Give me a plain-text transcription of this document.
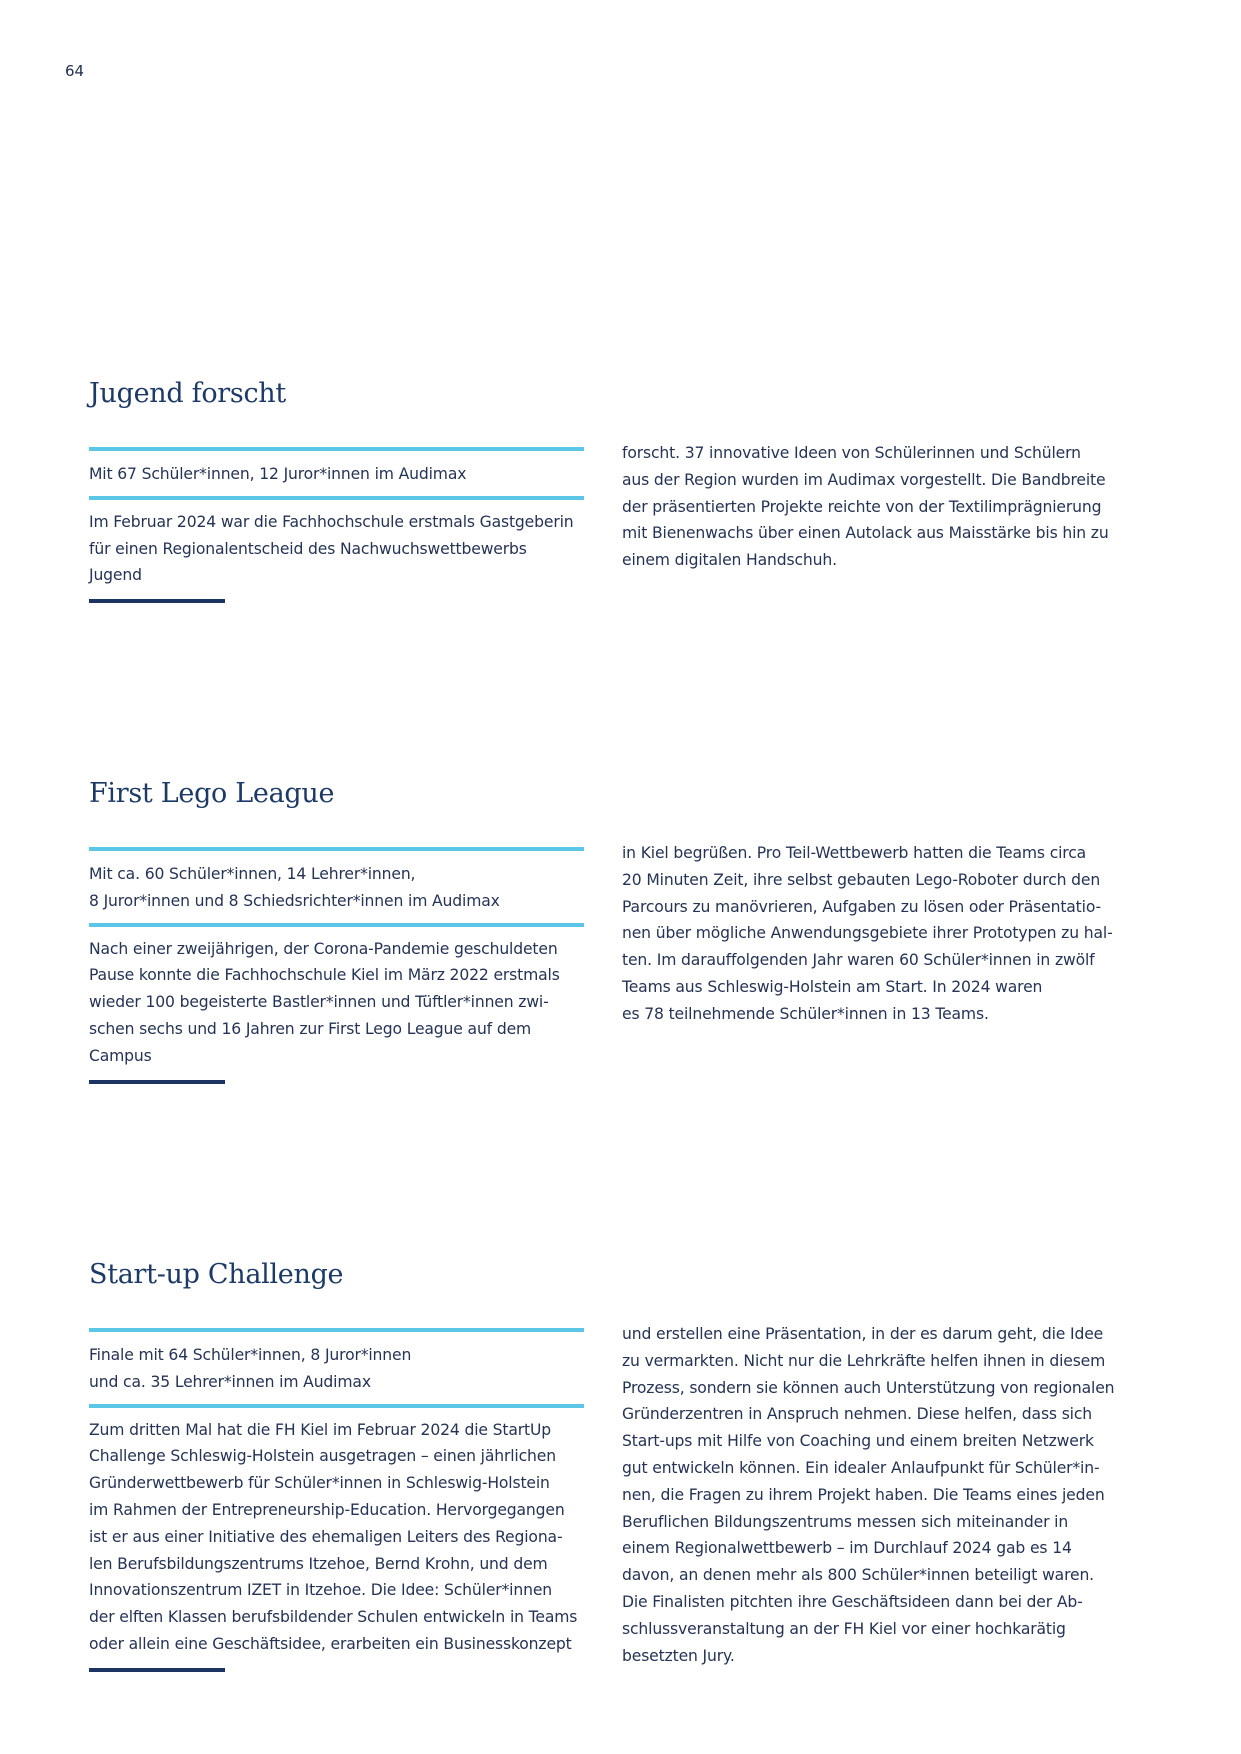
64
Jugend forscht
Mit 67 Schüler*innen, 12 Juror*innen im Audimax
Im Februar 2024 war die Fachhochschule erstmals Gastgeberin
für einen Regionalentscheid des Nachwuchswettbewerbs Jugend
forscht. 37 innovative Ideen von Schülerinnen und Schülern
aus der Region wurden im Audimax vorgestellt. Die Bandbreite
der präsentierten Projekte reichte von der Textilimprägnierung
mit Bienenwachs über einen Autolack aus Maisstärke bis hin zu
einem digitalen Handschuh.
First Lego League
Mit ca. 60 Schüler*innen, 14 Lehrer*innen,
8 Juror*innen und 8 Schiedsrichter*innen im Audimax
Nach einer zweijährigen, der Corona-Pandemie geschuldeten
Pause konnte die Fachhochschule Kiel im März 2022 erstmals
wieder 100 begeisterte Bastler*innen und Tüftler*innen zwi-
schen sechs und 16 Jahren zur First Lego League auf dem Campus
in Kiel begrüßen. Pro Teil-Wettbewerb hatten die Teams circa
20 Minuten Zeit, ihre selbst gebauten Lego-Roboter durch den
Parcours zu manövrieren, Aufgaben zu lösen oder Präsentatio-
nen über mögliche Anwendungsgebiete ihrer Prototypen zu hal-
ten. Im darauffolgenden Jahr waren 60 Schüler*innen in zwölf
Teams aus Schleswig-Holstein am Start. In 2024 waren
es 78 teilnehmende Schüler*innen in 13 Teams.
Start-up Challenge
Finale mit 64 Schüler*innen, 8 Juror*innen
und ca. 35 Lehrer*innen im Audimax
Zum dritten Mal hat die FH Kiel im Februar 2024 die StartUp
Challenge Schleswig-Holstein ausgetragen – einen jährlichen
Gründerwettbewerb für Schüler*innen in Schleswig-Holstein
im Rahmen der Entrepreneurship-Education. Hervorgegangen
ist er aus einer Initiative des ehemaligen Leiters des Regiona-
len Berufsbildungszentrums Itzehoe, Bernd Krohn, und dem
Innovationszentrum IZET in Itzehoe. Die Idee: Schüler*innen
der elften Klassen berufsbildender Schulen entwickeln in Teams
oder allein eine Geschäftsidee, erarbeiten ein Businesskonzept
und erstellen eine Präsentation, in der es darum geht, die Idee
zu vermarkten. Nicht nur die Lehrkräfte helfen ihnen in diesem
Prozess, sondern sie können auch Unterstützung von regionalen
Gründerzentren in Anspruch nehmen. Diese helfen, dass sich
Start-ups mit Hilfe von Coaching und einem breiten Netzwerk
gut entwickeln können. Ein idealer Anlaufpunkt für Schüler*in-
nen, die Fragen zu ihrem Projekt haben. Die Teams eines jeden
Beruflichen Bildungszentrums messen sich miteinander in
einem Regionalwettbewerb – im Durchlauf 2024 gab es 14
davon, an denen mehr als 800 Schüler*innen beteiligt waren.
Die Finalisten pitchten ihre Geschäftsideen dann bei der Ab-
schlussveranstaltung an der FH Kiel vor einer hochkarätig
besetzten Jury.
